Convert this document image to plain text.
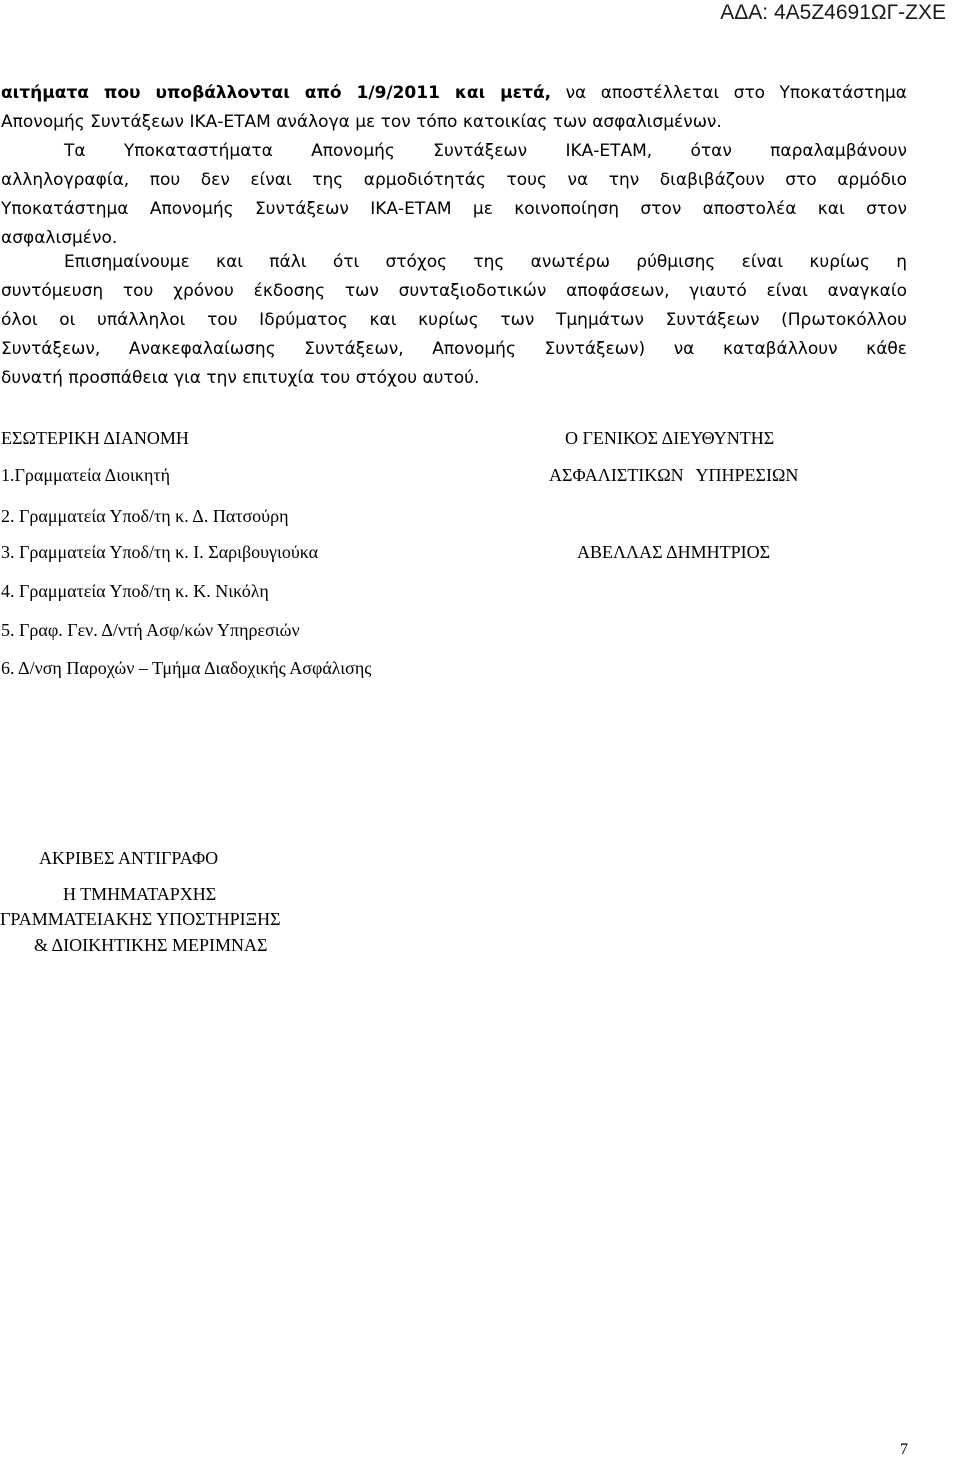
ΑΔΑ: 4Α5Ζ4691ΩΓ-ΖΧΕ
αιτήματα που υποβάλλονται από 1/9/2011 και μετά, να αποστέλλεται στο Υποκατάστημα
Απονομής Συντάξεων ΙΚΑ-ΕΤΑΜ ανάλογα με τον τόπο κατοικίας των ασφαλισμένων.
Τα Υποκαταστήματα Απονομής Συντάξεων ΙΚΑ-ΕΤΑΜ, όταν παραλαμβάνουν
αλληλογραφία, που δεν είναι της αρμοδιότητάς τους να την διαβιβάζουν στο αρμόδιο
Υποκατάστημα Απονομής Συντάξεων ΙΚΑ-ΕΤΑΜ με κοινοποίηση στον αποστολέα και στον
ασφαλισμένο.
Επισημαίνουμε και πάλι ότι στόχος της ανωτέρω ρύθμισης είναι κυρίως η
συντόμευση του χρόνου έκδοσης των συνταξιοδοτικών αποφάσεων, γιαυτό είναι αναγκαίο
όλοι οι υπάλληλοι του Ιδρύματος και κυρίως των Τμημάτων Συντάξεων (Πρωτοκόλλου
Συντάξεων, Ανακεφαλαίωσης Συντάξεων, Απονομής Συντάξεων) να καταβάλλουν κάθε
δυνατή προσπάθεια για την επιτυχία του στόχου αυτού.
ΕΣΩΤΕΡΙΚΗ ΔΙΑΝΟΜΗ
1.Γραμματεία Διοικητή
2. Γραμματεία Υποδ/τη κ. Δ. Πατσούρη
3. Γραμματεία Υποδ/τη κ. Ι. Σαριβουγιούκα
4. Γραμματεία Υποδ/τη κ. Κ. Νικόλη
5. Γραφ. Γεν. Δ/ντή Ασφ/κών Υπηρεσιών
6. Δ/νση Παροχών – Τμήμα Διαδοχικής Ασφάλισης
Ο ΓΕΝΙΚΟΣ ΔΙΕΥΘΥΝΤΗΣ
ΑΣΦΑΛΙΣΤΙΚΩΝ ΥΠΗΡΕΣΙΩΝ
ΑΒΕΛΛΑΣ ΔΗΜΗΤΡΙΟΣ
ΑΚΡΙΒΕΣ ΑΝΤΙΓΡΑΦΟ
Η ΤΜΗΜΑΤΑΡΧΗΣ
ΓΡΑΜΜΑΤΕΙΑΚΗΣ ΥΠΟΣΤΗΡΙΞΗΣ
& ΔΙΟΙΚΗΤΙΚΗΣ ΜΕΡΙΜΝΑΣ
7
